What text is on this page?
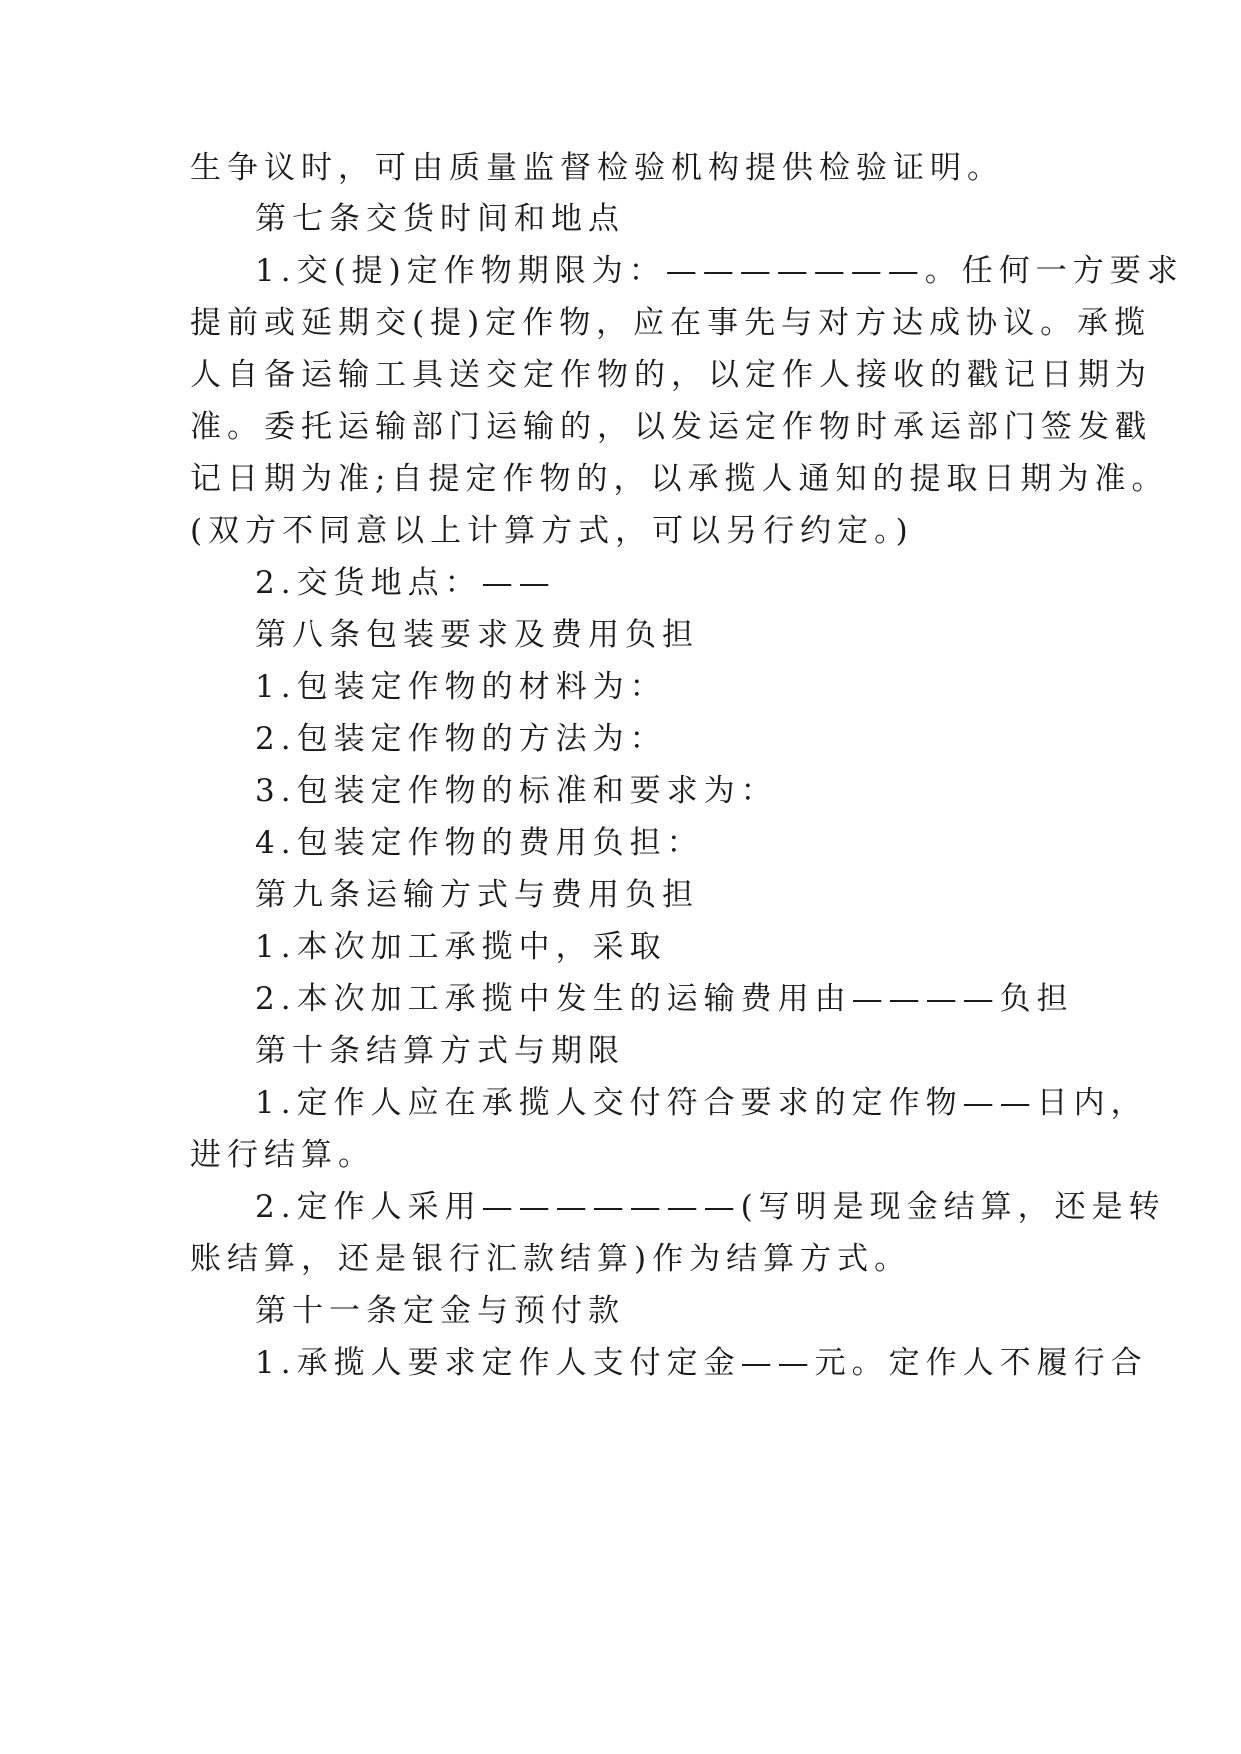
生争议时，可由质量监督检验机构提供检验证明。
第七条交货时间和地点
1.交(提)定作物期限为：———————。任何一方要求
提前或延期交(提)定作物，应在事先与对方达成协议。承揽
人自备运输工具送交定作物的，以定作人接收的戳记日期为
准。委托运输部门运输的，以发运定作物时承运部门签发戳
记日期为准;自提定作物的，以承揽人通知的提取日期为准。
(双方不同意以上计算方式，可以另行约定。)
2.交货地点：——
第八条包装要求及费用负担
1.包装定作物的材料为：
2.包装定作物的方法为：
3.包装定作物的标准和要求为：
4.包装定作物的费用负担：
第九条运输方式与费用负担
1.本次加工承揽中，采取
2.本次加工承揽中发生的运输费用由————负担
第十条结算方式与期限
1.定作人应在承揽人交付符合要求的定作物——日内，
进行结算。
2.定作人采用———————(写明是现金结算，还是转
账结算，还是银行汇款结算)作为结算方式。
第十一条定金与预付款
1.承揽人要求定作人支付定金——元。定作人不履行合
